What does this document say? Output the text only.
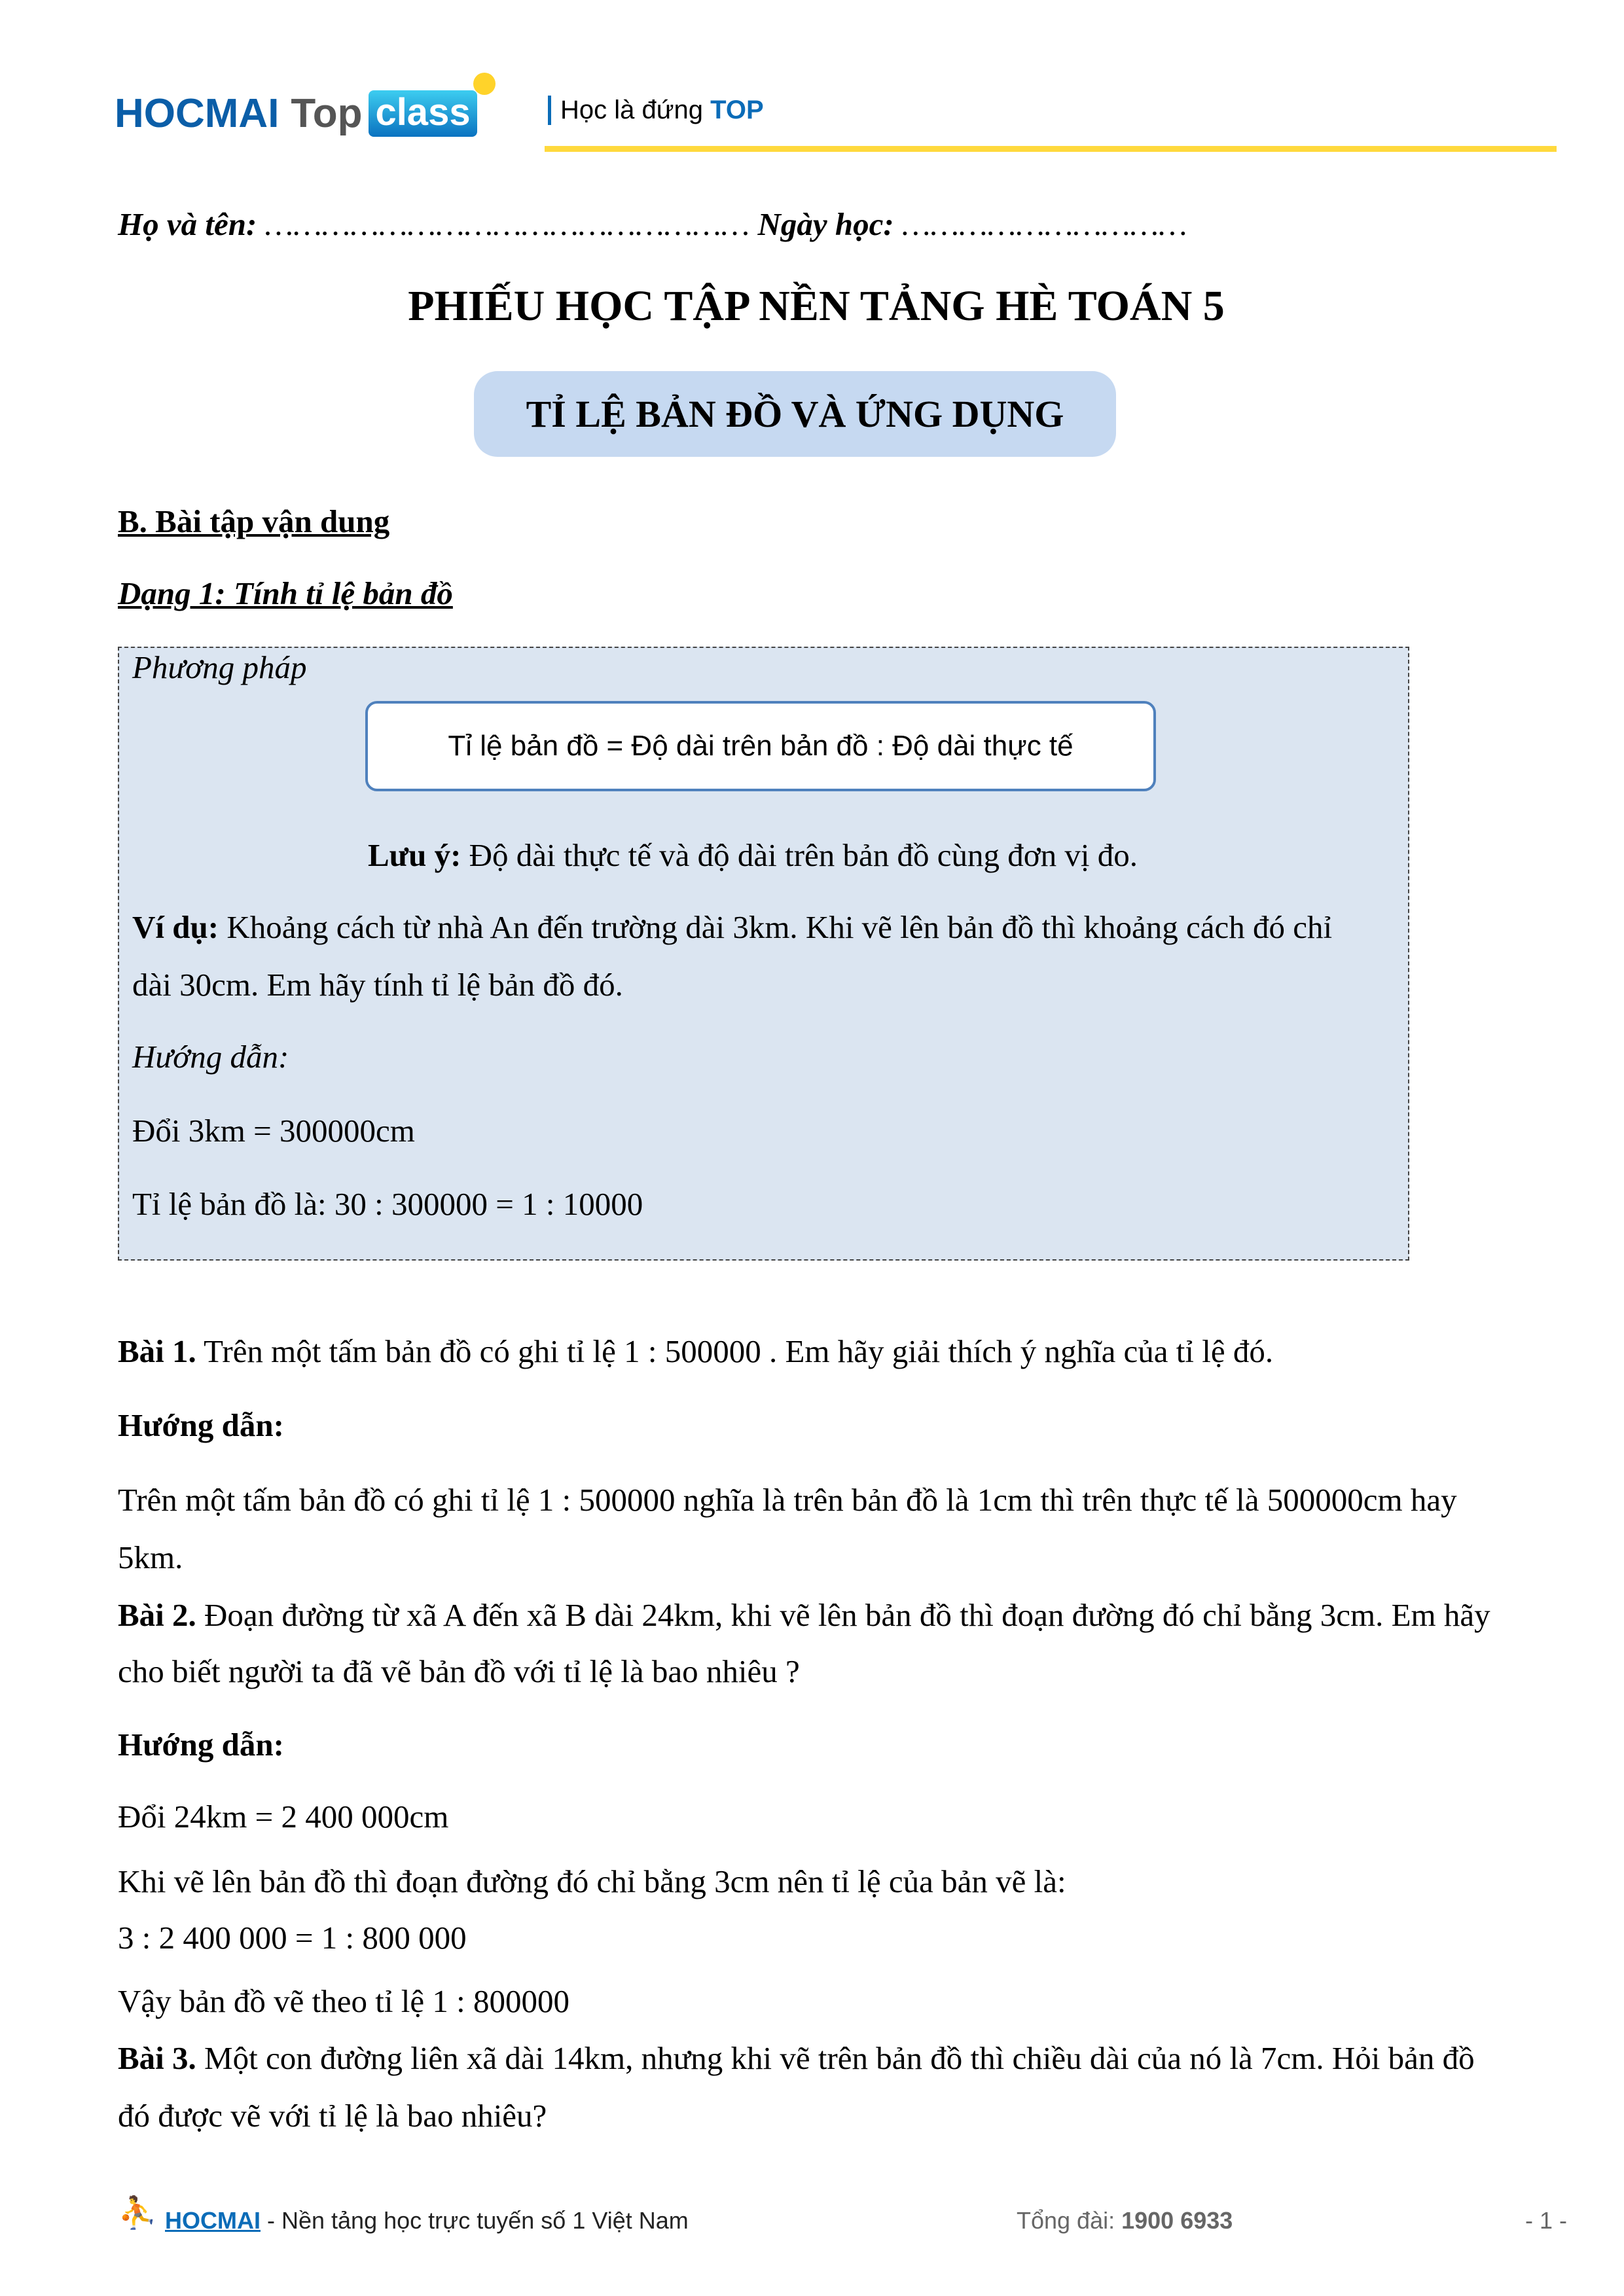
HOCMAI Top class	Học là đứng TOP
Họ và tên: …………………………………………… Ngày học: …………………………
PHIẾU HỌC TẬP NỀN TẢNG HÈ TOÁN 5
TỈ LỆ BẢN ĐỒ VÀ ỨNG DỤNG
B. Bài tập vận dung
Dạng 1: Tính tỉ lệ bản đồ
Phương pháp
Tỉ lệ bản đồ = Độ dài trên bản đồ : Độ dài thực tế
Lưu ý: Độ dài thực tế và độ dài trên bản đồ cùng đơn vị đo.
Ví dụ: Khoảng cách từ nhà An đến trường dài 3km. Khi vẽ lên bản đồ thì khoảng cách đó chỉ
dài 30cm. Em hãy tính tỉ lệ bản đồ đó.
Hướng dẫn:
Đổi 3km = 300000cm
Tỉ lệ bản đồ là: 30 : 300000 = 1 : 10000
Bài 1. Trên một tấm bản đồ có ghi tỉ lệ 1 : 500000 . Em hãy giải thích ý nghĩa của tỉ lệ đó.
Hướng dẫn:
Trên một tấm bản đồ có ghi tỉ lệ 1 : 500000 nghĩa là trên bản đồ là 1cm thì trên thực tế là 500000cm hay
5km.
Bài 2. Đoạn đường từ xã A đến xã B dài 24km, khi vẽ lên bản đồ thì đoạn đường đó chỉ bằng 3cm. Em hãy
cho biết người ta đã vẽ bản đồ với tỉ lệ là bao nhiêu ?
Hướng dẫn:
Đổi 24km = 2 400 000cm
Khi vẽ lên bản đồ thì đoạn đường đó chỉ bằng 3cm nên tỉ lệ của bản vẽ là:
3 : 2 400 000 = 1 : 800 000
Vậy bản đồ vẽ theo tỉ lệ 1 : 800000
Bài 3. Một con đường liên xã dài 14km, nhưng khi vẽ trên bản đồ thì chiều dài của nó là 7cm. Hỏi bản đồ
đó được vẽ với tỉ lệ là bao nhiêu?
⛹ HOCMAI - Nền tảng học trực tuyến số 1 Việt Nam	Tổng đài: 1900 6933	- 1 -
